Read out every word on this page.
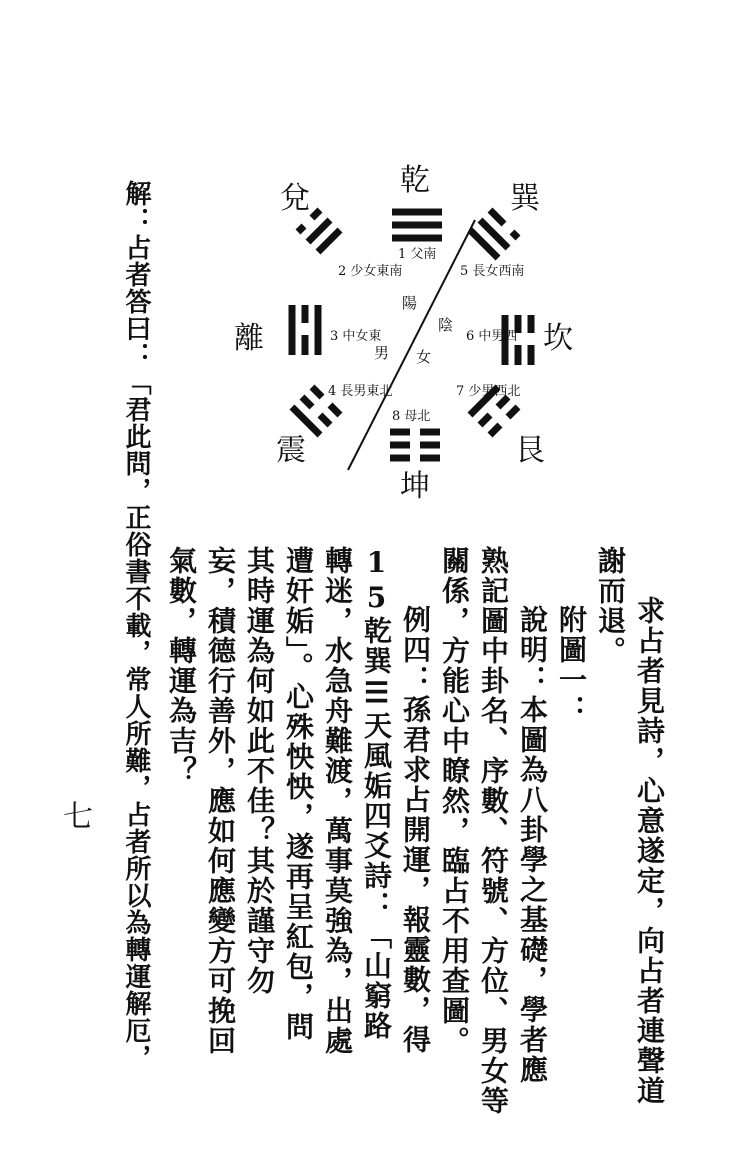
求占者見詩，心意遂定，向占者連聲道
謝而退。
　附圖一：
　說明：本圖為八卦學之基礎，學者應
熟記圖中卦名、序數、符號、方位、男女等
關係，方能心中瞭然，臨占不用查圖。
　例四：孫君求占開運，報靈數，得
15乾巽☰天風姤四爻詩：「山窮路
轉迷，水急舟難渡，萬事莫強為，出處
遭奸姤」。心殊怏怏，遂再呈紅包，問
其時運為何如此不佳？其於謹守勿
妄，積德行善外，應如何應變方可挽回
氣數，轉運為吉？
解：占者答曰：「君此問，正俗書不載，常人所難，占者所以為轉運解厄，
七
乾
坤
坎
離
巽
兌
艮
震
1 父南
8 母北
5 長女西南
6 中男西
7 少男西北
4 長男東北
3 中女東
2 少女東南
陽
陰
男 女
